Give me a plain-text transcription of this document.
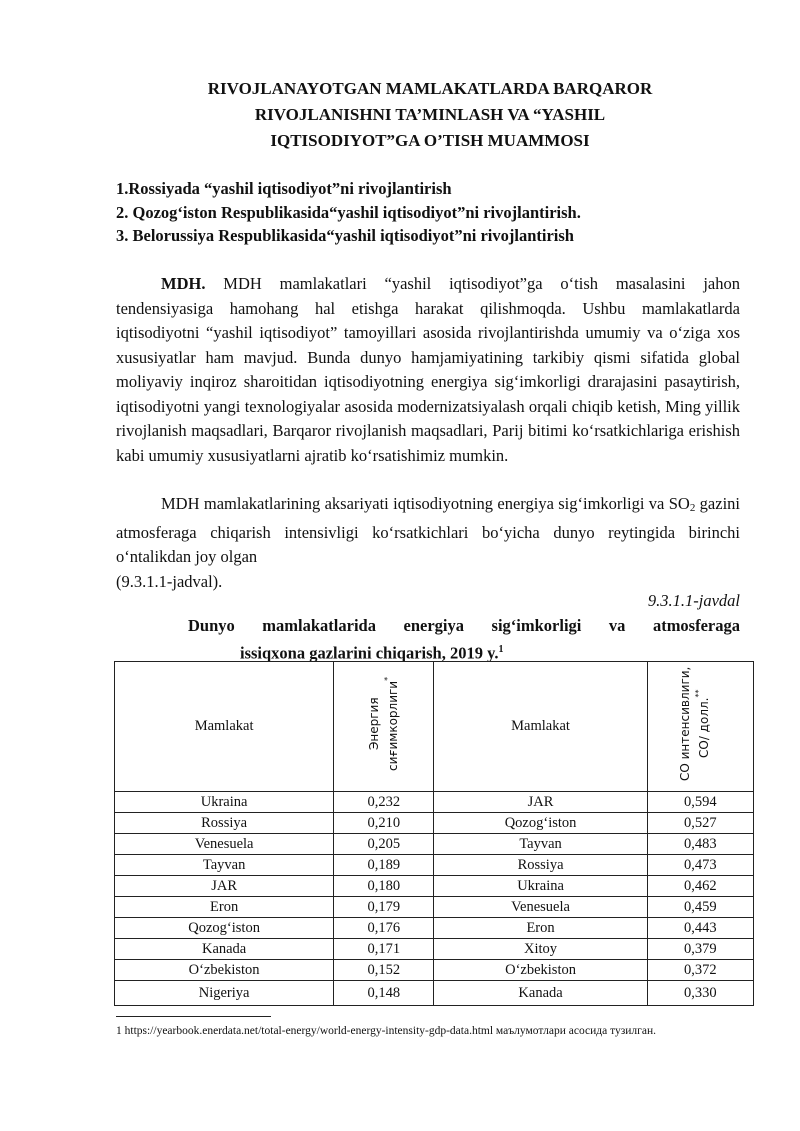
RIVOJLANAYOTGAN MAMLAKATLARDA BARQAROR
RIVOJLANISHNI TA’MINLASH VA “YASHIL
IQTISODIYOT”GA O’TISH MUAMMOSI
1.Rossiyada “yashil iqtisodiyot”ni rivojlantirish
2. Qozog‘iston Respublikasida“yashil iqtisodiyot”ni rivojlantirish.
3. Belorussiya Respublikasida“yashil iqtisodiyot”ni rivojlantirish
MDH. MDH mamlakatlari “yashil iqtisodiyot”ga o‘tish masalasini jahon tendensiyasiga hamohang hal etishga harakat qilishmoqda. Ushbu mamlakatlarda iqtisodiyotni “yashil iqtisodiyot” tamoyillari asosida rivojlantirishda umumiy va o‘ziga xos xususiyatlar ham mavjud. Bunda dunyo hamjamiyatining tarkibiy qismi sifatida global moliyaviy inqiroz sharoitidan iqtisodiyotning energiya sig‘imkorligi drarajasini pasaytirish, iqtisodiyotni yangi texnologiyalar asosida modernizatsiyalash orqali chiqib ketish, Ming yillik rivojlanish maqsadlari, Barqaror rivojlanish maqsadlari, Parij bitimi ko‘rsatkichlariga erishish kabi umumiy xususiyatlarni ajratib ko‘rsatishimiz mumkin.
MDH mamlakatlarining aksariyati iqtisodiyotning energiya sig‘imkorligi va SO2 gazini atmosferaga chiqarish intensivligi ko‘rsatkichlari bo‘yicha dunyo reytingida birinchi o‘ntalikdan joy olgan
(9.3.1.1-jadval).
9.3.1.1-javdal
Dunyo mamlakatlarida energiya sig‘imkorligi va atmosferaga
issiqxona gazlarini chiqarish, 2019 y.$^1$
Mamlakat	Энергия сиғимкорлиги*	Mamlakat	CO интенсивлиги, CO/ долл.**
Ukraina	0,232	JAR	0,594
Rossiya	0,210	Qozog‘iston	0,527
Venesuela	0,205	Tayvan	0,483
Tayvan	0,189	Rossiya	0,473
JAR	0,180	Ukraina	0,462
Eron	0,179	Venesuela	0,459
Qozog‘iston	0,176	Eron	0,443
Kanada	0,171	Xitoy	0,379
O‘zbekiston	0,152	O‘zbekiston	0,372
Nigeriya	0,148	Kanada	0,330
1 https://yearbook.enerdata.net/total-energy/world-energy-intensity-gdp-data.html маълумотлари асосида тузилган.
